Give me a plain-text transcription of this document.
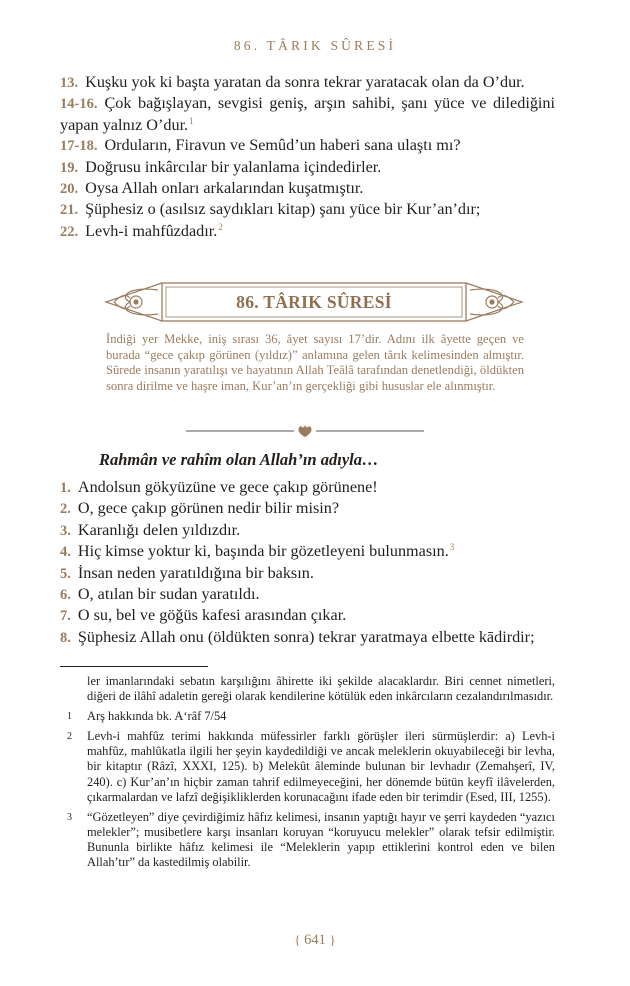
86. TÂRIK SÛRESİ

13. Kuşku yok ki başta yaratan da sonra tekrar yaratacak olan da O’dur.

14-16. Çok bağışlayan, sevgisi geniş, arşın sahibi, şanı yüce ve dilediğini yapan yalnız O’dur.$^1$

17-18. Orduların, Firavun ve Semûd’un haberi sana ulaştı mı?

19. Doğrusu inkârcılar bir yalanlama içindedirler.

20. Oysa Allah onları arkalarından kuşatmıştır.

21. Şüphesiz o (asılsız saydıkları kitap) şanı yüce bir Kur’an’dır;

22. Levh-i mahfûzdadır.$^2$

86. TÂRIK SÛRESİ
İndiği yer Mekke, iniş sırası 36, âyet sayısı 17’dir. Adını ilk âyette geçen ve burada “gece çakıp görünen (yıldız)” anlamına gelen târık kelimesinden almıştır. Sûrede insanın yaratılışı ve hayatının Allah Teâlâ tarafından denetlendiği, öldükten sonra dirilme ve haşre iman, Kur’an’ın gerçekliği gibi hususlar ele alınmıştır.
Rahmân ve rahîm olan Allah’ın adıyla…

1. Andolsun gökyüzüne ve gece çakıp görünene!

2. O, gece çakıp görünen nedir bilir misin?

3. Karanlığı delen yıldızdır.

4. Hiç kimse yoktur ki, başında bir gözetleyeni bulunmasın.$^3$

5. İnsan neden yaratıldığına bir baksın.

6. O, atılan bir sudan yaratıldı.

7. O su, bel ve göğüs kafesi arasından çıkar.

8. Şüphesiz Allah onu (öldükten sonra) tekrar yaratmaya elbette kādirdir;

ler imanlarındaki sebatın karşılığını âhirette iki şekilde alacaklardır. Biri cennet nimetleri, diğeri de ilâhî adaletin gereği olarak kendilerine kötülük eden inkârcıların cezalandırılmasıdır.

1 Arş hakkında bk. A‘râf 7/54

2 Levh-i mahfûz terimi hakkında müfessirler farklı görüşler ileri sürmüşlerdir: a) Levh-i mahfûz, mahlûkatla ilgili her şeyin kaydedildiği ve ancak meleklerin okuyabileceği bir levha, bir kitaptır (Râzî, XXXI, 125). b) Melekût âleminde bulunan bir levhadır (Zemahşerî, IV, 240). c) Kur’an’ın hiçbir zaman tahrif edilmeyeceğini, her dönemde bütün keyfî ilâvelerden, çıkarmalardan ve lafzî değişikliklerden korunacağını ifade eden bir terimdir (Esed, III, 1255).

3 “Gözetleyen” diye çevirdiğimiz hâfız kelimesi, insanın yaptığı hayır ve şerri kaydeden “yazıcı melekler”; musibetlere karşı insanları koruyan “koruyucu melekler” olarak tefsir edilmiştir. Bununla birlikte hâfız kelimesi ile “Meleklerin yapıp ettiklerini kontrol eden ve bilen Allah’tır” da kastedilmiş olabilir.

{ 641 }
